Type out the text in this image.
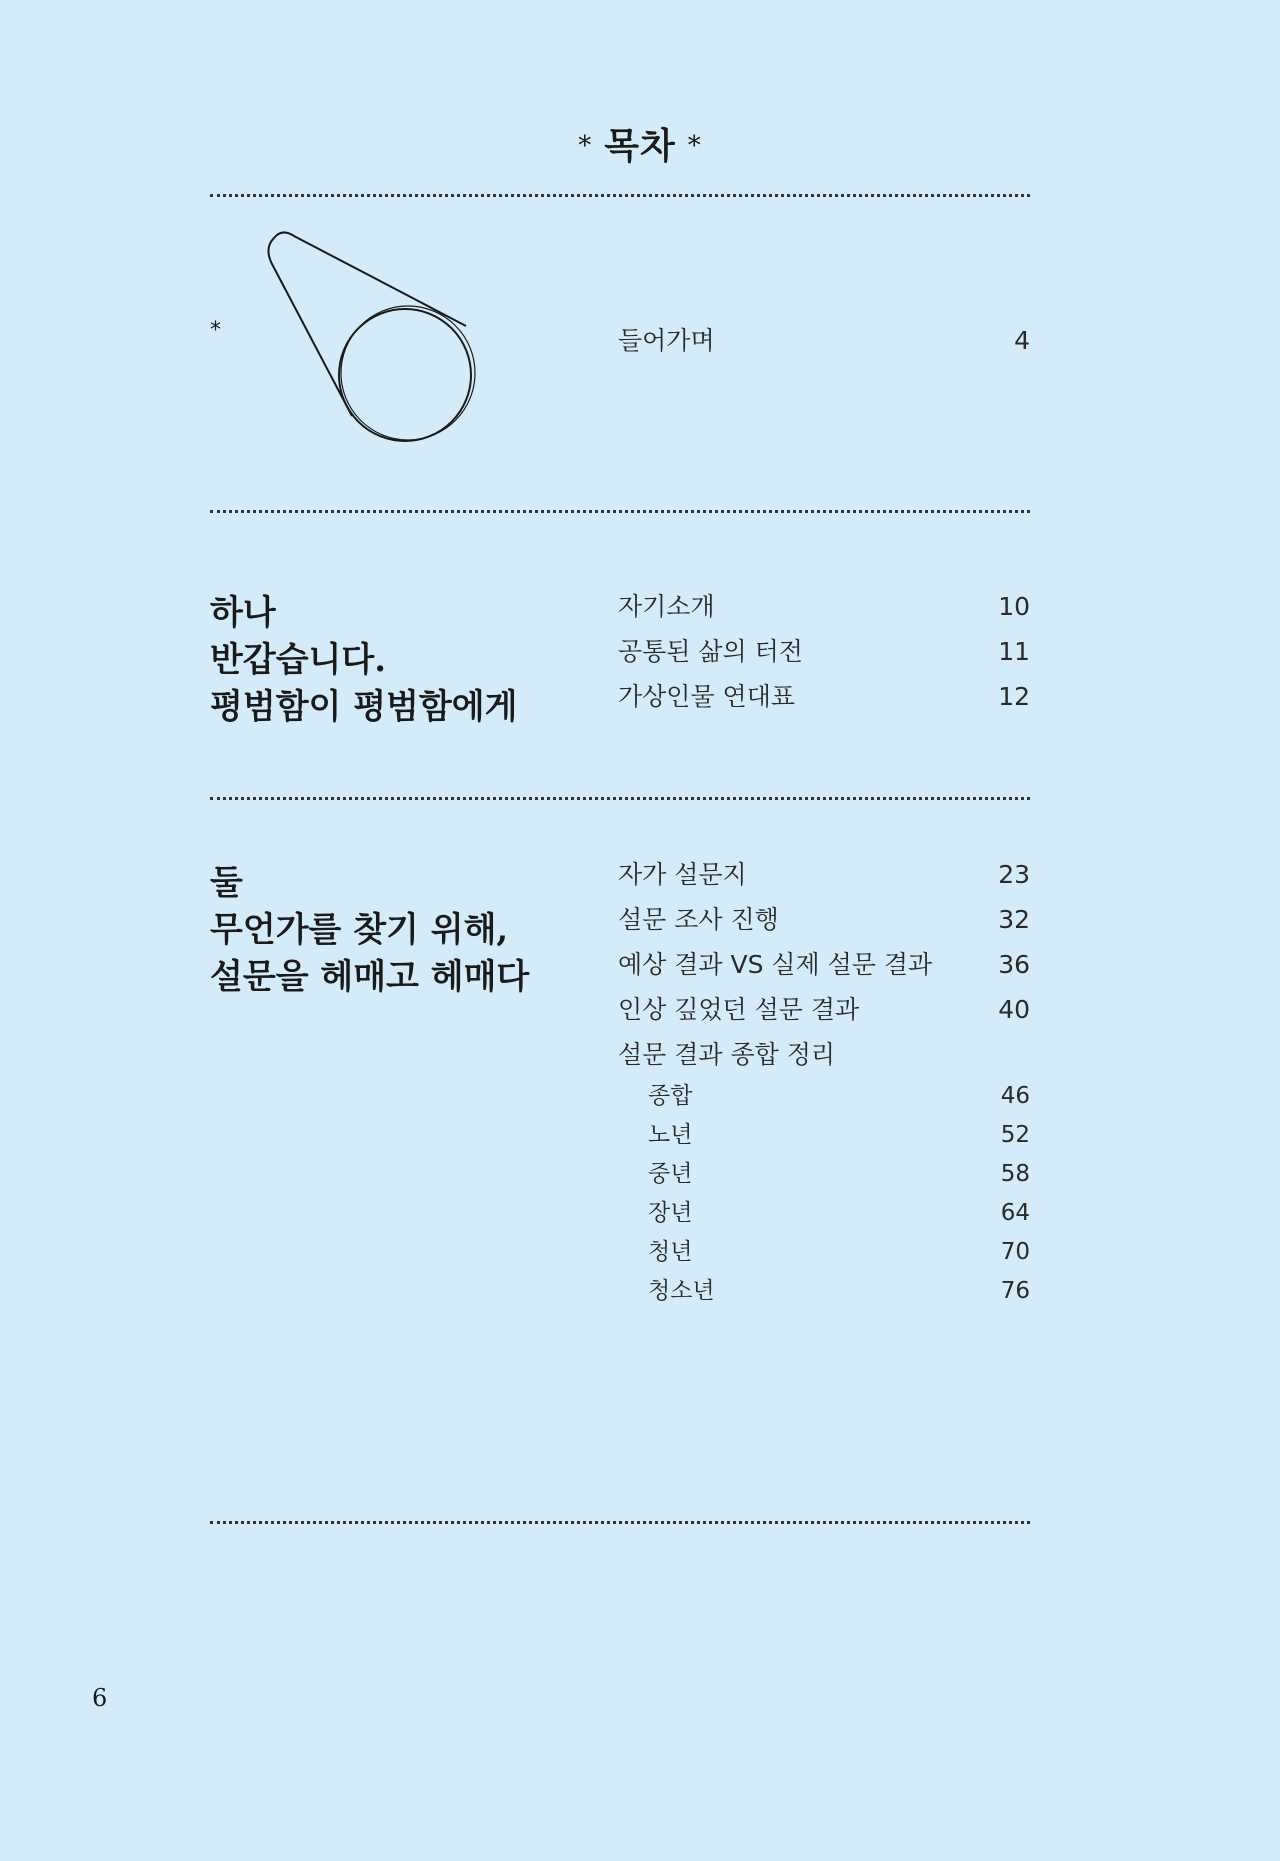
* 목차 *
*	들어가며	4
하나
반갑습니다.
평범함이 평범함에게
자기소개	10
공통된 삶의 터전	11
가상인물 연대표	12
둘
무언가를 찾기 위해,
설문을 헤매고 헤매다
자가 설문지	23
설문 조사 진행	32
예상 결과 VS 실제 설문 결과	36
인상 깊었던 설문 결과	40
설문 결과 종합 정리
종합	46
노년	52
중년	58
장년	64
청년	70
청소년	76
6
